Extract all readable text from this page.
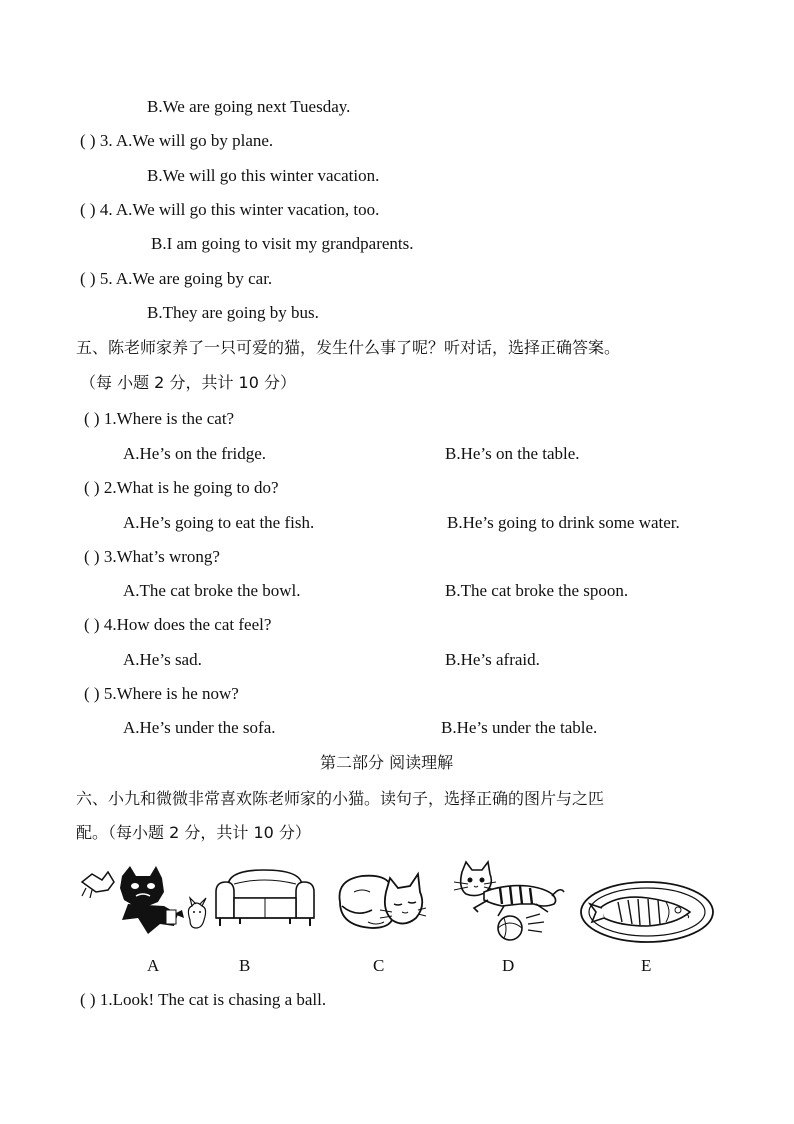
B.We are going next Tuesday.
( ) 3. A.We will go by plane.
B.We will go this winter vacation.
( ) 4. A.We will go this winter vacation, too.
B.I am going to visit my grandparents.
( ) 5. A.We are going by car.
B.They are going by bus.
五、陈老师家养了一只可爱的猫，发生什么事了呢？听对话，选择正确答案。
（每 小题 2 分，共计 10 分）
( ) 1.Where is the cat?
A.He’s on the fridge.	B.He’s on the table.
( ) 2.What is he going to do?
A.He’s going to eat the fish.	B.He’s going to drink some water.
( ) 3.What’s wrong?
A.The cat broke the bowl.	B.The cat broke the spoon.
( ) 4.How does the cat feel?
A.He’s sad.	B.He’s afraid.
( ) 5.Where is he now?
A.He’s under the sofa.	B.He’s under the table.
第二部分 阅读理解
六、小九和微微非常喜欢陈老师家的小猫。读句子，选择正确的图片与之匹
配。（每小题 2 分，共计 10 分）
A	B	C	D	E
( ) 1.Look! The cat is chasing a ball.
